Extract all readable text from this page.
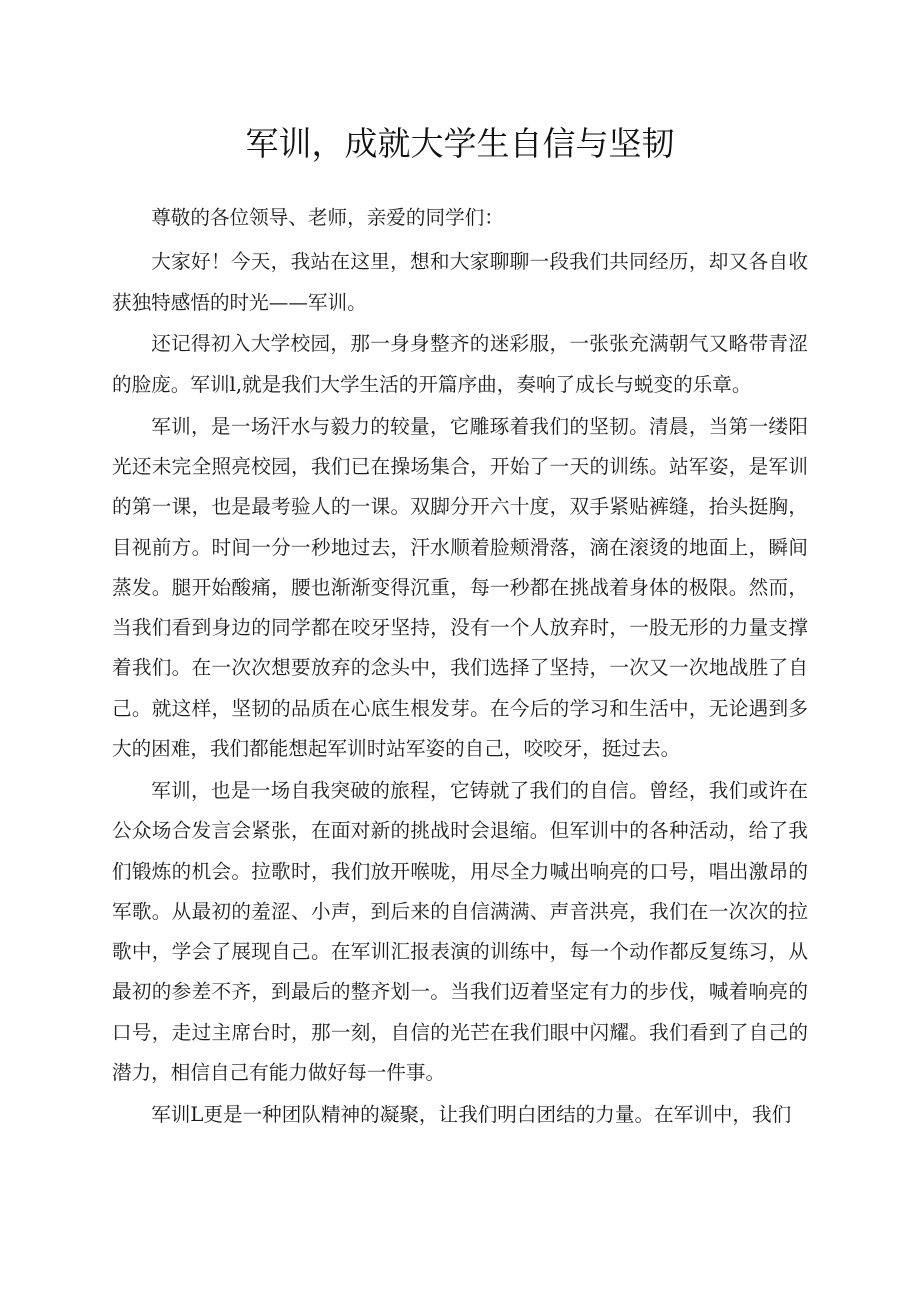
军训，成就大学生自信与坚韧

尊敬的各位领导、老师，亲爱的同学们：

大家好！今天，我站在这里，想和大家聊聊一段我们共同经历，却又各自收获独特感悟的时光——军训。

还记得初入大学校园，那一身身整齐的迷彩服，一张张充满朝气又略带青涩的脸庞。军训l,就是我们大学生活的开篇序曲，奏响了成长与蜕变的乐章。

军训，是一场汗水与毅力的较量，它雕琢着我们的坚韧。清晨，当第一缕阳光还未完全照亮校园，我们已在操场集合，开始了一天的训练。站军姿，是军训的第一课，也是最考验人的一课。双脚分开六十度，双手紧贴裤缝，抬头挺胸，目视前方。时间一分一秒地过去，汗水顺着脸颊滑落，滴在滚烫的地面上，瞬间蒸发。腿开始酸痛，腰也渐渐变得沉重，每一秒都在挑战着身体的极限。然而，当我们看到身边的同学都在咬牙坚持，没有一个人放弃时，一股无形的力量支撑着我们。在一次次想要放弃的念头中，我们选择了坚持，一次又一次地战胜了自己。就这样，坚韧的品质在心底生根发芽。在今后的学习和生活中，无论遇到多大的困难，我们都能想起军训时站军姿的自己，咬咬牙，挺过去。

军训，也是一场自我突破的旅程，它铸就了我们的自信。曾经，我们或许在公众场合发言会紧张，在面对新的挑战时会退缩。但军训中的各种活动，给了我们锻炼的机会。拉歌时，我们放开喉咙，用尽全力喊出响亮的口号，唱出激昂的军歌。从最初的羞涩、小声，到后来的自信满满、声音洪亮，我们在一次次的拉歌中，学会了展现自己。在军训汇报表演的训练中，每一个动作都反复练习，从最初的参差不齐，到最后的整齐划一。当我们迈着坚定有力的步伐，喊着响亮的口号，走过主席台时，那一刻，自信的光芒在我们眼中闪耀。我们看到了自己的潜力，相信自己有能力做好每一件事。

军训L更是一种团队精神的凝聚，让我们明白团结的力量。在军训中，我们
